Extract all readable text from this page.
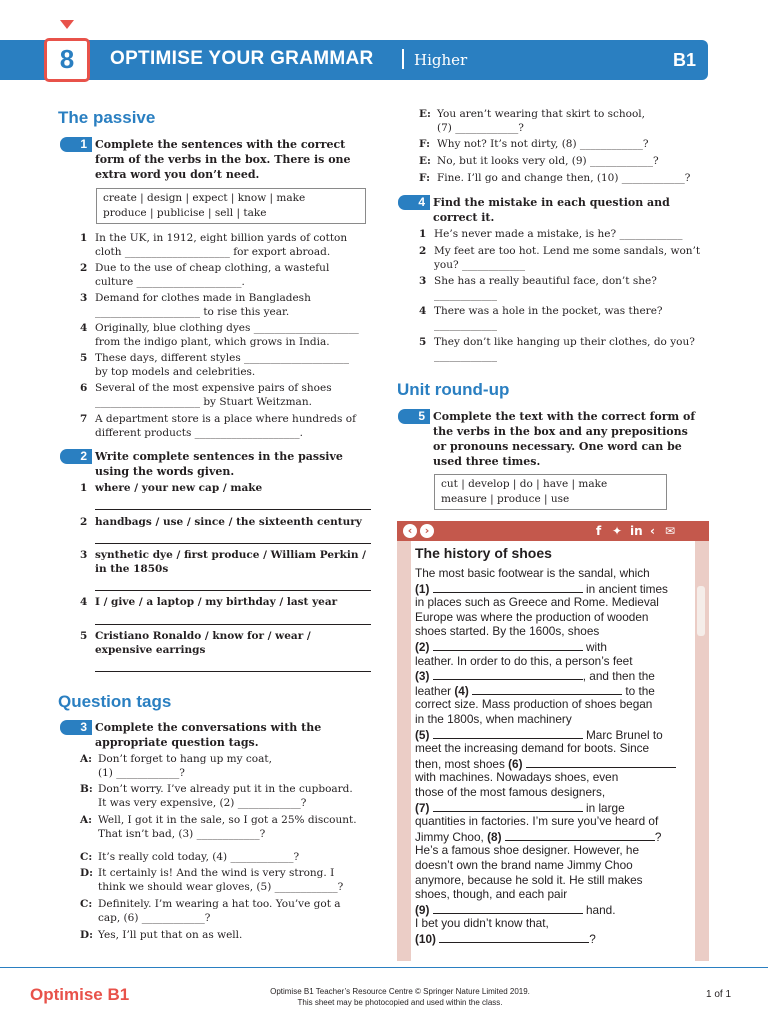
8	OPTIMISE YOUR GRAMMAR	Higher	B1
The passive
1 Complete the sentences with the correct
form of the verbs in the box. There is one
extra word you don’t need.

create | design | expect | know | make
produce | publicise | sell | take
1 In the UK, in 1912, eight billion yards of cotton
cloth ____________________ for export abroad.
2 Due to the use of cheap clothing, a wasteful
culture ____________________.
3 Demand for clothes made in Bangladesh
____________________ to rise this year.
4 Originally, blue clothing dyes ____________________
from the indigo plant, which grows in India.
5 These days, different styles ____________________
by top models and celebrities.
6 Several of the most expensive pairs of shoes
____________________ by Stuart Weitzman.
7 A department store is a place where hundreds of
different products ____________________.
2 Write complete sentences in the passive
using the words given.

1 where / your new cap / make
2 handbags / use / since / the sixteenth century
3 synthetic dye / first produce / William Perkin /
in the 1850s
4 I / give / a laptop / my birthday / last year
5 Cristiano Ronaldo / know for / wear /
expensive earrings
Question tags
3 Complete the conversations with the
appropriate question tags.

A: Don’t forget to hang up my coat,
(1) ____________?
B: Don’t worry. I’ve already put it in the cupboard.
It was very expensive, (2) ____________?
A: Well, I got it in the sale, so I got a 25% discount.
That isn’t bad, (3) ____________?
C: It’s really cold today, (4) ____________?
D: It certainly is! And the wind is very strong. I
think we should wear gloves, (5) ____________?
C: Definitely. I’m wearing a hat too. You’ve got a
cap, (6) ____________?
D: Yes, I’ll put that on as well.
E: You aren’t wearing that skirt to school,
(7) ____________?
F: Why not? It’s not dirty, (8) ____________?
E: No, but it looks very old, (9) ____________?
F: Fine. I’ll go and change then, (10) ____________?
4 Find the mistake in each question and
correct it.

1 He’s never made a mistake, is he? ____________
2 My feet are too hot. Lend me some sandals, won’t
you? ____________
3 She has a really beautiful face, don’t she?
____________
4 There was a hole in the pocket, was there?
____________
5 They don’t like hanging up their clothes, do you?
____________
Unit round-up
5 Complete the text with the correct form of
the verbs in the box and any prepositions
or pronouns necessary. One word can be
used three times.

cut | develop | do | have | make
measure | produce | use
‹	›	f ✦ in ‹ ✉
The history of shoes
The most basic footwear is the sandal, which
(1)	in ancient times
in places such as Greece and Rome. Medieval
Europe was where the production of wooden
shoes started. By the 1600s, shoes
(2)	with
leather. In order to do this, a person’s feet
(3)	, and then the
leather (4)	to the
correct size. Mass production of shoes began
in the 1800s, when machinery
(5)	Marc Brunel to
meet the increasing demand for boots. Since
then, most shoes (6)
with machines. Nowadays shoes, even
those of the most famous designers,
(7)	in large
quantities in factories. I’m sure you’ve heard of
Jimmy Choo, (8)	?
He’s a famous shoe designer. However, he
doesn’t own the brand name Jimmy Choo
anymore, because he sold it. He still makes
shoes, though, and each pair
(9)	hand.
I bet you didn’t know that,
(10)	?
Optimise B1	Optimise B1 Teacher’s Resource Centre © Springer Nature Limited 2019.
This sheet may be photocopied and used within the class.
1 of 1
